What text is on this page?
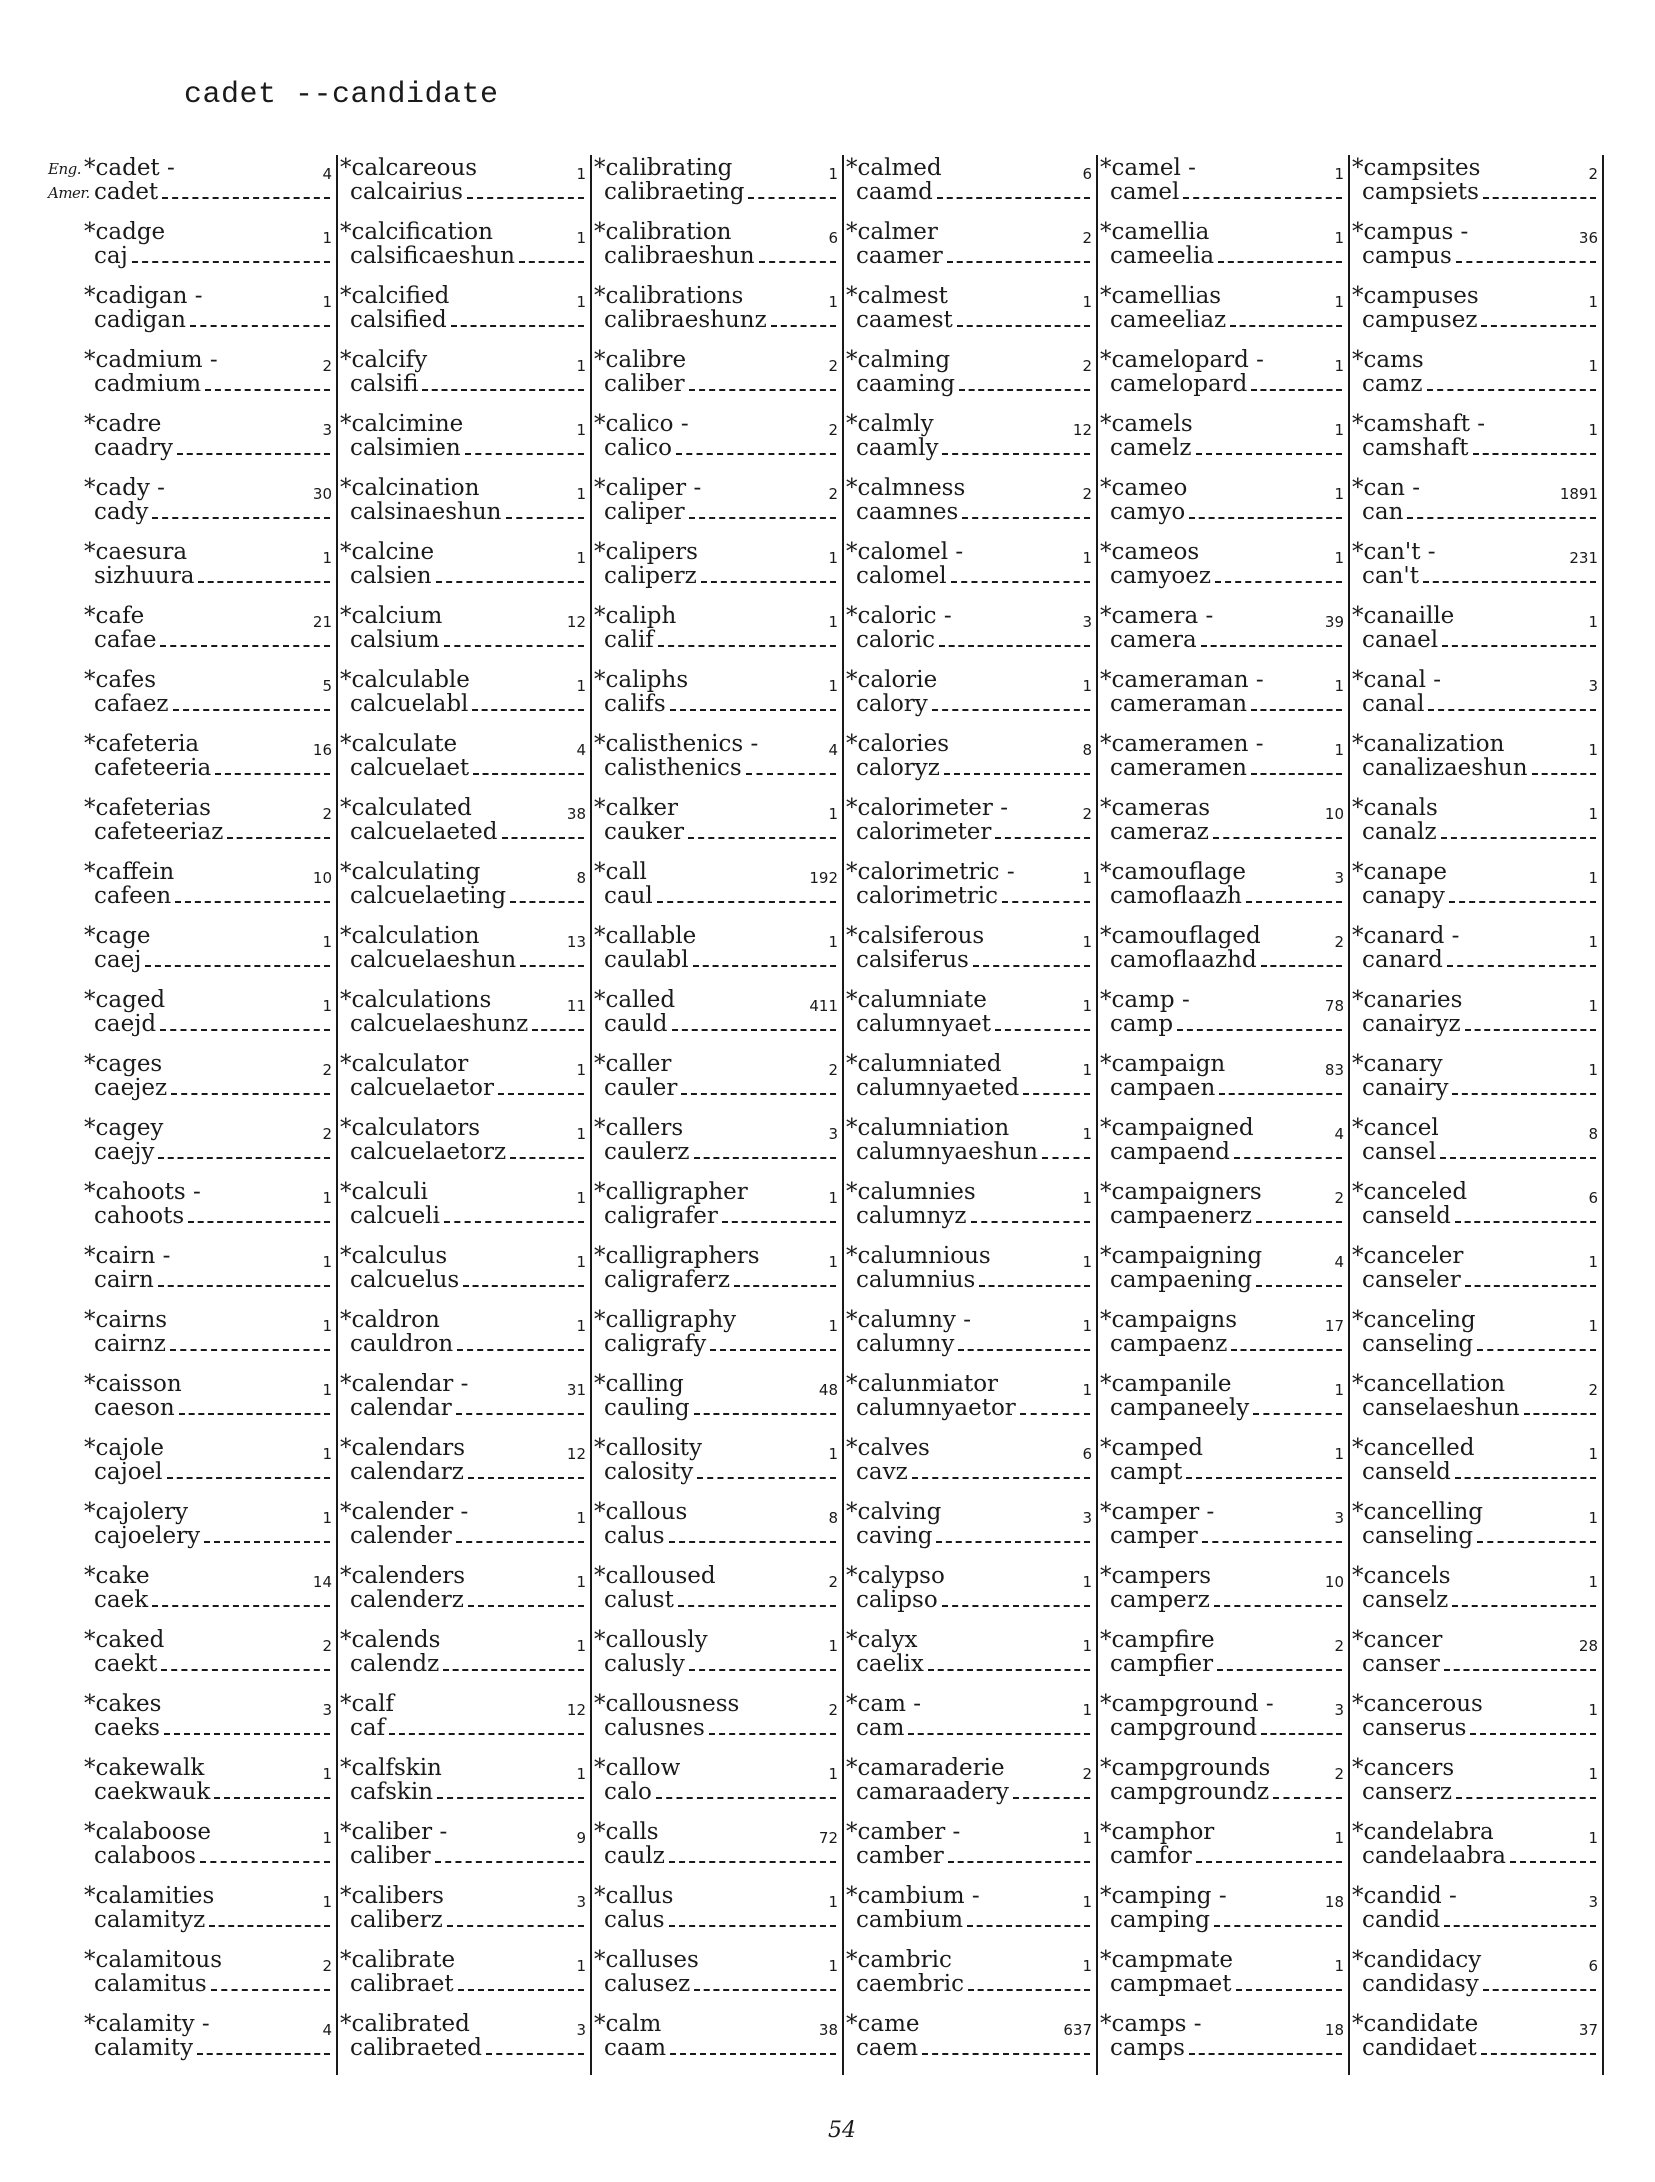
cadet --candidate
Eng.
Amer.
*cadet -	4
cadet
*cadge	1
caj
*cadigan -	1
cadigan
*cadmium -	2
cadmium
*cadre	3
caadry
*cady -	30
cady
*caesura	1
sizhuura
*cafe	21
cafae
*cafes	5
cafaez
*cafeteria	16
cafeteeria
*cafeterias	2
cafeteeriaz
*caffein	10
cafeen
*cage	1
caej
*caged	1
caejd
*cages	2
caejez
*cagey	2
caejy
*cahoots -	1
cahoots
*cairn -	1
cairn
*cairns	1
cairnz
*caisson	1
caeson
*cajole	1
cajoel
*cajolery	1
cajoelery
*cake	14
caek
*caked	2
caekt
*cakes	3
caeks
*cakewalk	1
caekwauk
*calaboose	1
calaboos
*calamities	1
calamityz
*calamitous	2
calamitus
*calamity -	4
calamity
*calcareous	1
calcairius
*calcification	1
calsificaeshun
*calcified	1
calsified
*calcify	1
calsifi
*calcimine	1
calsimien
*calcination	1
calsinaeshun
*calcine	1
calsien
*calcium	12
calsium
*calculable	1
calcuelabl
*calculate	4
calcuelaet
*calculated	38
calcuelaeted
*calculating	8
calcuelaeting
*calculation	13
calcuelaeshun
*calculations	11
calcuelaeshunz
*calculator	1
calcuelaetor
*calculators	1
calcuelaetorz
*calculi	1
calcueli
*calculus	1
calcuelus
*caldron	1
cauldron
*calendar -	31
calendar
*calendars	12
calendarz
*calender -	1
calender
*calenders	1
calenderz
*calends	1
calendz
*calf	12
caf
*calfskin	1
cafskin
*caliber -	9
caliber
*calibers	3
caliberz
*calibrate	1
calibraet
*calibrated	3
calibraeted
*calibrating	1
calibraeting
*calibration	6
calibraeshun
*calibrations	1
calibraeshunz
*calibre	2
caliber
*calico -	2
calico
*caliper -	2
caliper
*calipers	1
caliperz
*caliph	1
calif
*caliphs	1
califs
*calisthenics -	4
calisthenics
*calker	1
cauker
*call	192
caul
*callable	1
caulabl
*called	411
cauld
*caller	2
cauler
*callers	3
caulerz
*calligrapher	1
caligrafer
*calligraphers	1
caligraferz
*calligraphy	1
caligrafy
*calling	48
cauling
*callosity	1
calosity
*callous	8
calus
*calloused	2
calust
*callously	1
calusly
*callousness	2
calusnes
*callow	1
calo
*calls	72
caulz
*callus	1
calus
*calluses	1
calusez
*calm	38
caam
*calmed	6
caamd
*calmer	2
caamer
*calmest	1
caamest
*calming	2
caaming
*calmly	12
caamly
*calmness	2
caamnes
*calomel -	1
calomel
*caloric -	3
caloric
*calorie	1
calory
*calories	8
caloryz
*calorimeter -	2
calorimeter
*calorimetric -	1
calorimetric
*calsiferous	1
calsiferus
*calumniate	1
calumnyaet
*calumniated	1
calumnyaeted
*calumniation	1
calumnyaeshun
*calumnies	1
calumnyz
*calumnious	1
calumnius
*calumny -	1
calumny
*calunmiator	1
calumnyaetor
*calves	6
cavz
*calving	3
caving
*calypso	1
calipso
*calyx	1
caelix
*cam -	1
cam
*camaraderie	2
camaraadery
*camber -	1
camber
*cambium -	1
cambium
*cambric	1
caembric
*came	637
caem
*camel -	1
camel
*camellia	1
cameelia
*camellias	1
cameeliaz
*camelopard -	1
camelopard
*camels	1
camelz
*cameo	1
camyo
*cameos	1
camyoez
*camera -	39
camera
*cameraman -	1
cameraman
*cameramen -	1
cameramen
*cameras	10
cameraz
*camouflage	3
camoflaazh
*camouflaged	2
camoflaazhd
*camp -	78
camp
*campaign	83
campaen
*campaigned	4
campaend
*campaigners	2
campaenerz
*campaigning	4
campaening
*campaigns	17
campaenz
*campanile	1
campaneely
*camped	1
campt
*camper -	3
camper
*campers	10
camperz
*campfire	2
campfier
*campground -	3
campground
*campgrounds	2
campgroundz
*camphor	1
camfor
*camping -	18
camping
*campmate	1
campmaet
*camps -	18
camps
*campsites	2
campsiets
*campus -	36
campus
*campuses	1
campusez
*cams	1
camz
*camshaft -	1
camshaft
*can -	1891
can
*can't -	231
can't
*canaille	1
canael
*canal -	3
canal
*canalization	1
canalizaeshun
*canals	1
canalz
*canape	1
canapy
*canard -	1
canard
*canaries	1
canairyz
*canary	1
canairy
*cancel	8
cansel
*canceled	6
canseld
*canceler	1
canseler
*canceling	1
canseling
*cancellation	2
canselaeshun
*cancelled	1
canseld
*cancelling	1
canseling
*cancels	1
canselz
*cancer	28
canser
*cancerous	1
canserus
*cancers	1
canserz
*candelabra	1
candelaabra
*candid -	3
candid
*candidacy	6
candidasy
*candidate	37
candidaet
54
